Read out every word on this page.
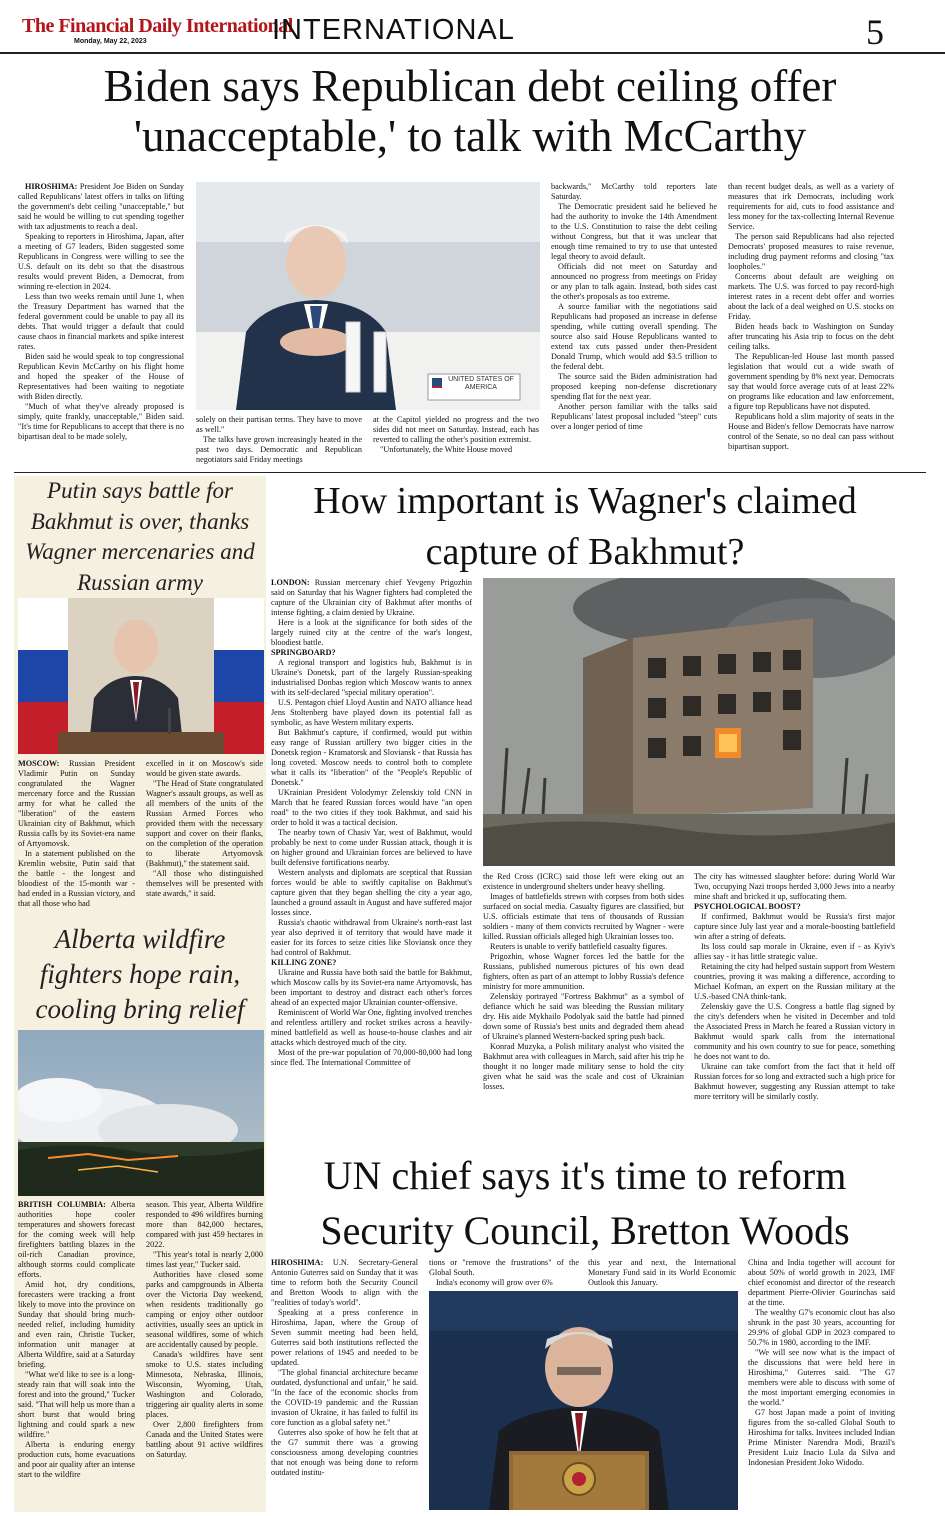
The Financial Daily International
Monday, May 22, 2023	INTERNATIONAL	5
Biden says Republican debt ceiling offer
'unacceptable,' to talk with McCarthy

HIROSHIMA: President Joe Biden on Sunday called Republicans' latest offers in talks on lifting the government's debt ceiling "unacceptable," but said he would be willing to cut spending together with tax adjustments to reach a deal.

Speaking to reporters in Hiroshima, Japan, after a meeting of G7 leaders, Biden suggested some Republicans in Congress were willing to see the U.S. default on its debt so that the disastrous results would prevent Biden, a Democrat, from winning re-election in 2024.

Less than two weeks remain until June 1, when the Treasury Department has warned that the federal government could be unable to pay all its debts. That would trigger a default that could cause chaos in financial markets and spike interest rates.

Biden said he would speak to top congressional Republican Kevin McCarthy on his flight home and hoped the speaker of the House of Representatives had been waiting to negotiate with Biden directly.

"Much of what they've already proposed is simply, quite frankly, unacceptable," Biden said. "It's time for Republicans to accept that there is no bipartisan deal to be made solely,

UNITED STATES OF AMERICA

solely on their partisan terms. They have to move as well."

The talks have grown increasingly heated in the past two days. Democratic and Republican negotiators said Friday meetings

at the Capitol yielded no progress and the two sides did not meet on Saturday. Instead, each has reverted to calling the other's position extremist.

"Unfortunately, the White House moved

backwards," McCarthy told reporters late Saturday.

The Democratic president said he believed he had the authority to invoke the 14th Amendment to the U.S. Constitution to raise the debt ceiling without Congress, but that it was unclear that enough time remained to try to use that untested legal theory to avoid default.

Officials did not meet on Saturday and announced no progress from meetings on Friday or any plan to talk again. Instead, both sides cast the other's proposals as too extreme.

A source familiar with the negotiations said Republicans had proposed an increase in defense spending, while cutting overall spending. The source also said House Republicans wanted to extend tax cuts passed under then-President Donald Trump, which would add $3.5 trillion to the federal debt.

The source said the Biden administration had proposed keeping non-defense discretionary spending flat for the next year.

Another person familiar with the talks said Republicans' latest proposal included "steep" cuts over a longer period of time

than recent budget deals, as well as a variety of measures that irk Democrats, including work requirements for aid, cuts to food assistance and less money for the tax-collecting Internal Revenue Service.

The person said Republicans had also rejected Democrats' proposed measures to raise revenue, including drug payment reforms and closing "tax loopholes."

Concerns about default are weighing on markets. The U.S. was forced to pay record-high interest rates in a recent debt offer and worries about the lack of a deal weighed on U.S. stocks on Friday.

Biden heads back to Washington on Sunday after truncating his Asia trip to focus on the debt ceiling talks.

The Republican-led House last month passed legislation that would cut a wide swath of government spending by 8% next year. Democrats say that would force average cuts of at least 22% on programs like education and law enforcement, a figure top Republicans have not disputed.

Republicans hold a slim majority of seats in the House and Biden's fellow Democrats have narrow control of the Senate, so no deal can pass without bipartisan support.

Putin says battle for Bakhmut is over, thanks Wagner mercenaries and Russian army

MOSCOW: Russian President Vladimir Putin on Sunday congratulated the Wagner mercenary force and the Russian army for what he called the "liberation" of the eastern Ukrainian city of Bakhmut, which Russia calls by its Soviet-era name of Artyomovsk.

In a statement published on the Kremlin website, Putin said that the battle - the longest and bloodiest of the 15-month war - had ended in a Russian victory, and that all those who had

excelled in it on Moscow's side would be given state awards.

"The Head of State congratulated Wagner's assault groups, as well as all members of the units of the Russian Armed Forces who provided them with the necessary support and cover on their flanks, on the completion of the operation to liberate Artyomovsk (Bakhmut)," the statement said.

"All those who distinguished themselves will be presented with state awards," it said.

Alberta wildfire fighters hope rain, cooling bring relief

BRITISH COLUMBIA: Alberta authorities hope cooler temperatures and showers forecast for the coming week will help firefighters battling blazes in the oil-rich Canadian province, although storms could complicate efforts.

Amid hot, dry conditions, forecasters were tracking a front likely to move into the province on Sunday that should bring much-needed relief, including humidity and even rain, Christie Tucker, information unit manager at Alberta Wildfire, said at a Saturday briefing.

"What we'd like to see is a long-steady rain that will soak into the forest and into the ground," Tucker said. "That will help us more than a short burst that would bring lightning and could spark a new wildfire."

Alberta is enduring energy production cuts, home evacuations and poor air quality after an intense start to the wildfire

season. This year, Alberta Wildfire responded to 496 wildfires burning more than 842,000 hectares, compared with just 459 hectares in 2022.

"This year's total is nearly 2,000 times last year," Tucker said.

Authorities have closed some parks and campgrounds in Alberta over the Victoria Day weekend, when residents traditionally go camping or enjoy other outdoor activities, usually sees an uptick in seasonal wildfires, some of which are accidentally caused by people.

Canada's wildfires have sent smoke to U.S. states including Minnesota, Nebraska, Illinois, Wisconsin, Wyoming, Utah, Washington and Colorado, triggering air quality alerts in some places.

Over 2,800 firefighters from Canada and the United States were battling about 91 active wildfires on Saturday.

How important is Wagner's claimed capture of Bakhmut?

LONDON: Russian mercenary chief Yevgeny Prigozhin said on Saturday that his Wagner fighters had completed the capture of the Ukrainian city of Bakhmut after months of intense fighting, a claim denied by Ukraine.

Here is a look at the significance for both sides of the largely ruined city at the centre of the war's longest, bloodiest battle.

SPRINGBOARD?

A regional transport and logistics hub, Bakhmut is in Ukraine's Donetsk, part of the largely Russian-speaking industrialised Donbas region which Moscow wants to annex with its self-declared "special military operation".

U.S. Pentagon chief Lloyd Austin and NATO alliance head Jens Stoltenberg have played down its potential fall as symbolic, as have Western military experts.

But Bakhmut's capture, if confirmed, would put within easy range of Russian artillery two bigger cities in the Donetsk region - Kramatorsk and Sloviansk - that Russia has long coveted. Moscow needs to control both to complete what it calls its "liberation" of the "People's Republic of Donetsk."

UKrainian President Volodymyr Zelenskiy told CNN in March that he feared Russian forces would have "an open road" to the two cities if they took Bakhmut, and said his order to hold it was a tactical decision.

The nearby town of Chasiv Yar, west of Bakhmut, would probably be next to come under Russian attack, though it is on higher ground and Ukrainian forces are believed to have built defensive fortifications nearby.

Western analysts and diplomats are sceptical that Russian forces would be able to swiftly capitalise on Bakhmut's capture given that they began shelling the city a year ago, launched a ground assault in August and have suffered major losses since.

Russia's chaotic withdrawal from Ukraine's north-east last year also deprived it of territory that would have made it easier for its forces to seize cities like Sloviansk once they had control of Bakhmut.

KILLING ZONE?

Ukraine and Russia have both said the battle for Bakhmut, which Moscow calls by its Soviet-era name Artyomovsk, has been important to destroy and distract each other's forces ahead of an expected major Ukrainian counter-offensive.

Reminiscent of World War One, fighting involved trenches and relentless artillery and rocket strikes across a heavily-mined battlefield as well as house-to-house clashes and air attacks which destroyed much of the city.

Most of the pre-war population of 70,000-80,000 had long since fled. The International Committee of

the Red Cross (ICRC) said those left were eking out an existence in underground shelters under heavy shelling.

Images of battlefields strewn with corpses from both sides surfaced on social media. Casualty figures are classified, but U.S. officials estimate that tens of thousands of Russian soldiers - many of them convicts recruited by Wagner - were killed. Russian officials alleged high Ukrainian losses too.

Reuters is unable to verify battlefield casualty figures.

Prigozhin, whose Wagner forces led the battle for the Russians, published numerous pictures of his own dead fighters, often as part of an attempt to lobby Russia's defence ministry for more ammunition.

Zelenskiy portrayed "Fortress Bakhmut" as a symbol of defiance which he said was bleeding the Russian military dry. His aide Mykhailo Podolyak said the battle had pinned down some of Russia's best units and degraded them ahead of Ukraine's planned Western-backed spring push back.

Konrad Muzyka, a Polish military analyst who visited the Bakhmut area with colleagues in March, said after his trip he thought it no longer made military sense to hold the city given what he said was the scale and cost of Ukrainian losses.

The city has witnessed slaughter before: during World War Two, occupying Nazi troops herded 3,000 Jews into a nearby mine shaft and bricked it up, suffocating them.

PSYCHOLOGICAL BOOST?

If confirmed, Bakhmut would be Russia's first major capture since July last year and a morale-boosting battlefield win after a string of defeats.

Its loss could sap morale in Ukraine, even if - as Kyiv's allies say - it has little strategic value.

Retaining the city had helped sustain support from Western countries, proving it was making a difference, according to Michael Kofman, an expert on the Russian military at the U.S.-based CNA think-tank.

Zelenskiy gave the U.S. Congress a battle flag signed by the city's defenders when he visited in December and told the Associated Press in March he feared a Russian victory in Bakhmut would spark calls from the international community and his own country to sue for peace, something he does not want to do.

Ukraine can take comfort from the fact that it held off Russian forces for so long and extracted such a high price for Bakhmut however, suggesting any Russian attempt to take more territory will be similarly costly.

UN chief says it's time to reform Security Council, Bretton Woods

HIROSHIMA: U.N. Secretary-General Antonio Guterres said on Sunday that it was time to reform both the Security Council and Bretton Woods to align with the "realities of today's world".

Speaking at a press conference in Hiroshima, Japan, where the Group of Seven summit meeting had been held, Guterres said both institutions reflected the power relations of 1945 and needed to be updated.

"The global financial architecture became outdated, dysfunctional and unfair," he said. "In the face of the economic shocks from the COVID-19 pandemic and the Russian invasion of Ukraine, it has failed to fulfil its core function as a global safety net."

Guterres also spoke of how he felt that at the G7 summit there was a growing consciousness among developing countries that not enough was being done to reform outdated institu-

tions or "remove the frustrations" of the Global South.

India's economy will grow over 6%

this year and next, the International Monetary Fund said in its World Economic Outlook this January.

China and India together will account for about 50% of world growth in 2023, IMF chief economist and director of the research department Pierre-Olivier Gourinchas said at the time.

The wealthy G7's economic clout has also shrunk in the past 30 years, accounting for 29.9% of global GDP in 2023 compared to 50.7% in 1980, according to the IMF.

"We will see now what is the impact of the discussions that were held here in Hiroshima," Guterres said. "The G7 members were able to discuss with some of the most important emerging economies in the world."

G7 host Japan made a point of inviting figures from the so-called Global South to Hiroshima for talks. Invitees included Indian Prime Minister Narendra Modi, Brazil's President Luiz Inacio Lula da Silva and Indonesian President Joko Widodo.
